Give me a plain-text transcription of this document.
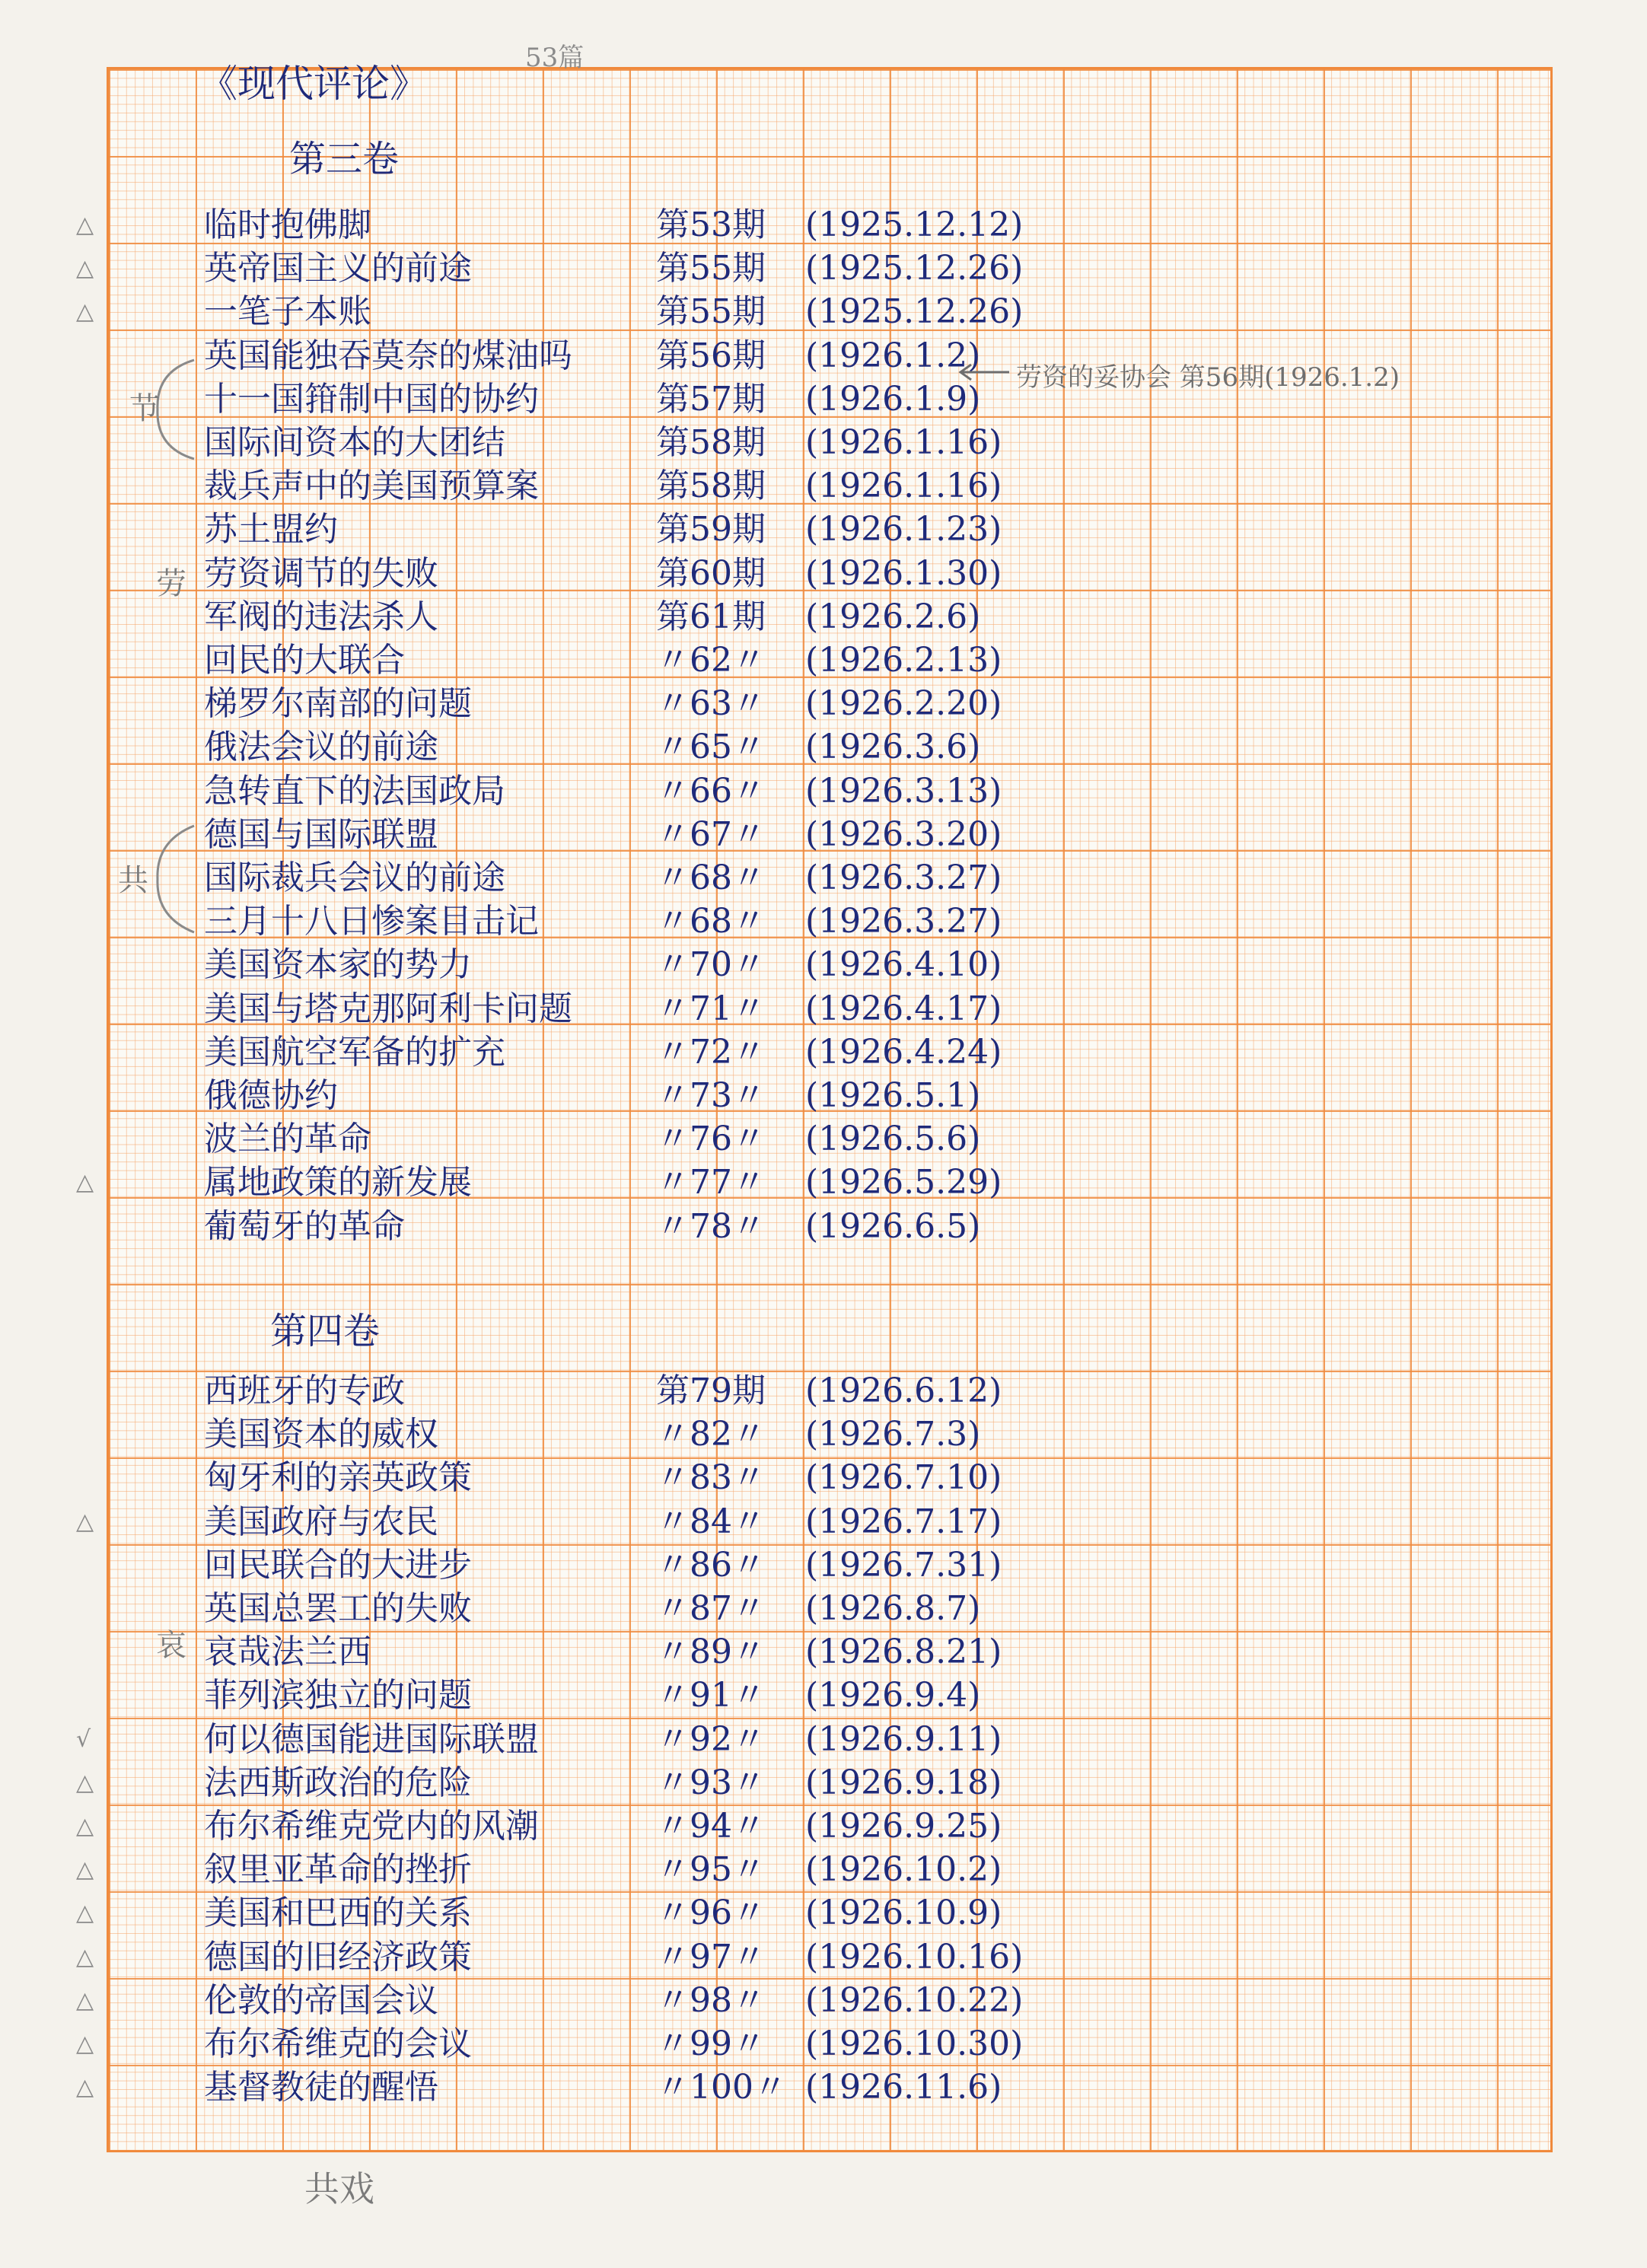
《现代评论》
53篇
第三卷
△	临时抱佛脚	第53期 (1925.12.12)
△	英帝国主义的前途	第55期 (1925.12.26)
△	一笔子本账	第55期 (1925.12.26)
英国能独吞莫奈的煤油吗	第56期 (1926.1.2)
十一国箝制中国的协约	第57期 (1926.1.9)
国际间资本的大团结	第58期 (1926.1.16)
裁兵声中的美国预算案	第58期 (1926.1.16)
苏土盟约	第59期 (1926.1.23)
劳资调节的失败	第60期 (1926.1.30)
军阀的违法杀人	第61期 (1926.2.6)
回民的大联合	〃62〃 (1926.2.13)
梯罗尔南部的问题	〃63〃 (1926.2.20)
俄法会议的前途	〃65〃 (1926.3.6)
急转直下的法国政局	〃66〃 (1926.3.13)
德国与国际联盟	〃67〃 (1926.3.20)
国际裁兵会议的前途	〃68〃 (1926.3.27)
三月十八日惨案目击记	〃68〃 (1926.3.27)
美国资本家的势力	〃70〃 (1926.4.10)
美国与塔克那阿利卡问题	〃71〃 (1926.4.17)
美国航空军备的扩充	〃72〃 (1926.4.24)
俄德协约	〃73〃 (1926.5.1)
波兰的革命	〃76〃 (1926.5.6)
△	属地政策的新发展	〃77〃 (1926.5.29)
葡萄牙的革命	〃78〃 (1926.6.5)
第四卷
西班牙的专政	第79期 (1926.6.12)
美国资本的威权	〃82〃 (1926.7.3)
匈牙利的亲英政策	〃83〃 (1926.7.10)
△	美国政府与农民	〃84〃 (1926.7.17)
回民联合的大进步	〃86〃 (1926.7.31)
英国总罢工的失败	〃87〃 (1926.8.7)
哀哉法兰西	〃89〃 (1926.8.21)
菲列滨独立的问题	〃91〃 (1926.9.4)
√	何以德国能进国际联盟	〃92〃 (1926.9.11)
△	法西斯政治的危险	〃93〃 (1926.9.18)
△	布尔希维克党内的风潮	〃94〃 (1926.9.25)
△	叙里亚革命的挫折	〃95〃 (1926.10.2)
△	美国和巴西的关系	〃96〃 (1926.10.9)
△	德国的旧经济政策	〃97〃 (1926.10.16)
△	伦敦的帝国会议	〃98〃 (1926.10.22)
△	布尔希维克的会议	〃99〃 (1926.10.30)
△	基督教徒的醒悟	〃100〃 (1926.11.6)
劳资的妥协会 第56期(1926.1.2)
节
劳
共
哀
共戏
